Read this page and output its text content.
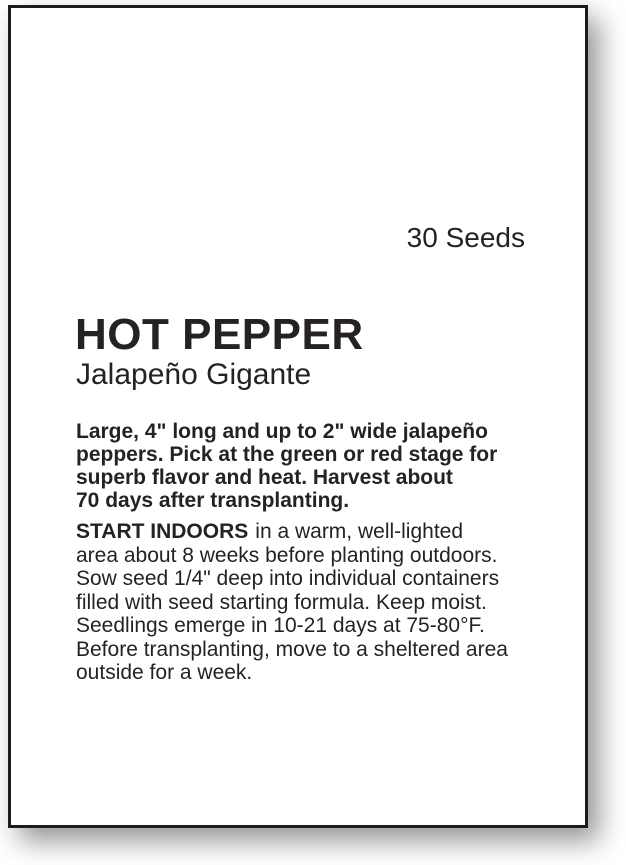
30 Seeds
HOT PEPPER
Jalapeño Gigante
Large, 4" long and up to 2" wide jalapeño
peppers. Pick at the green or red stage for
superb flavor and heat. Harvest about
70 days after transplanting.
START INDOORS in a warm, well-lighted
area about 8 weeks before planting outdoors.
Sow seed 1/4" deep into individual containers
filled with seed starting formula. Keep moist.
Seedlings emerge in 10-21 days at 75-80°F.
Before transplanting, move to a sheltered area
outside for a week.
